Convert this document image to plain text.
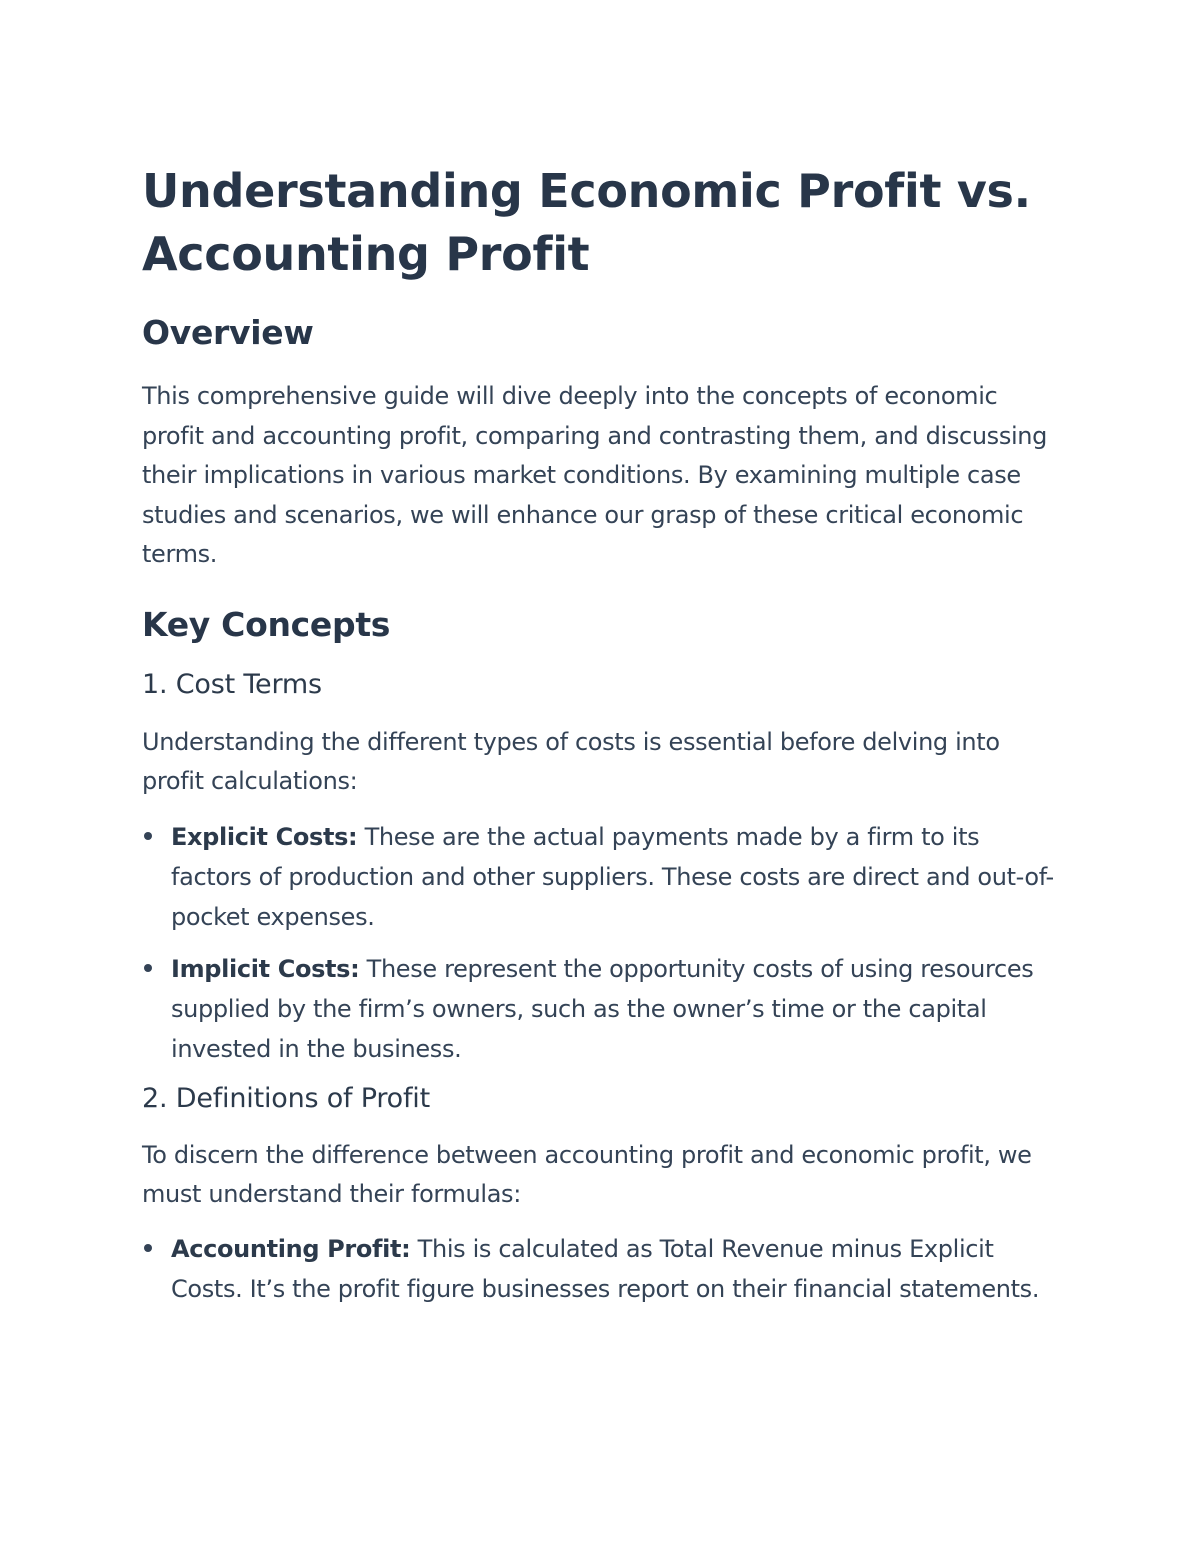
Understanding Economic Profit vs. Accounting Profit
Overview

This comprehensive guide will dive deeply into the concepts of economic profit and accounting profit, comparing and contrasting them, and discussing their implications in various market conditions. By examining multiple case studies and scenarios, we will enhance our grasp of these critical economic terms.

Key Concepts
1. Cost Terms

Understanding the different types of costs is essential before delving into profit calculations:

Explicit Costs: These are the actual payments made by a firm to its factors of production and other suppliers. These costs are direct and out-of-pocket expenses.
Implicit Costs: These represent the opportunity costs of using resources supplied by the firm’s owners, such as the owner’s time or the capital invested in the business.
2. Definitions of Profit

To discern the difference between accounting profit and economic profit, we must understand their formulas:

Accounting Profit: This is calculated as Total Revenue minus Explicit Costs. It’s the profit figure businesses report on their financial statements.
